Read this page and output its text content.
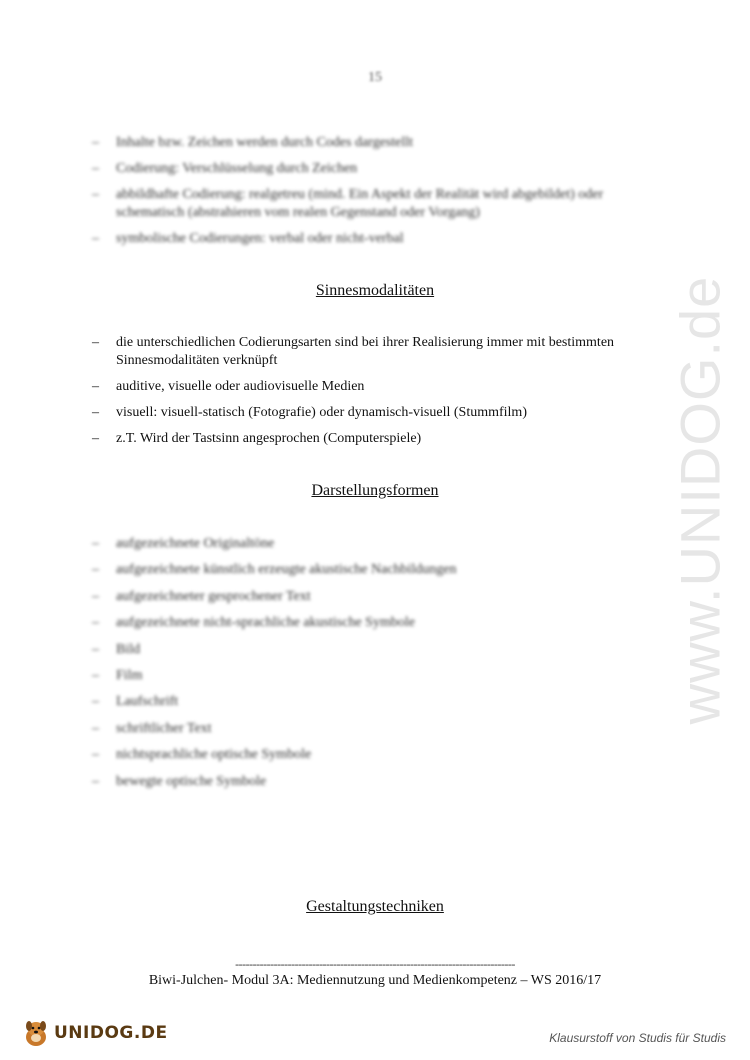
www.UNIDOG.de
15
– Inhalte bzw. Zeichen werden durch Codes dargestellt
– Codierung: Verschlüsselung durch Zeichen
– abbildhafte Codierung: realgetreu (mind. Ein Aspekt der Realität wird abgebildet) oder schematisch (abstrahieren vom realen Gegenstand oder Vorgang)
– symbolische Codierungen: verbal oder nicht-verbal
Sinnesmodalitäten
– die unterschiedlichen Codierungsarten sind bei ihrer Realisierung immer mit bestimmten Sinnesmodalitäten verknüpft
– auditive, visuelle oder audiovisuelle Medien
– visuell: visuell-statisch (Fotografie) oder dynamisch-visuell (Stummfilm)
– z.T. Wird der Tastsinn angesprochen (Computerspiele)
Darstellungsformen
– aufgezeichnete Originaltöne
– aufgezeichnete künstlich erzeugte akustische Nachbildungen
– aufgezeichneter gesprochener Text
– aufgezeichnete nicht-sprachliche akustische Symbole
– Bild
– Film
– Laufschrift
– schriftlicher Text
– nichtsprachliche optische Symbole
– bewegte optische Symbole
Gestaltungstechniken
--------------------------------------------------------------------------------
Biwi-Julchen- Modul 3A: Mediennutzung und Medienkompetenz – WS 2016/17
UNIDOG.DE	Klausurstoff von Studis für Studis
